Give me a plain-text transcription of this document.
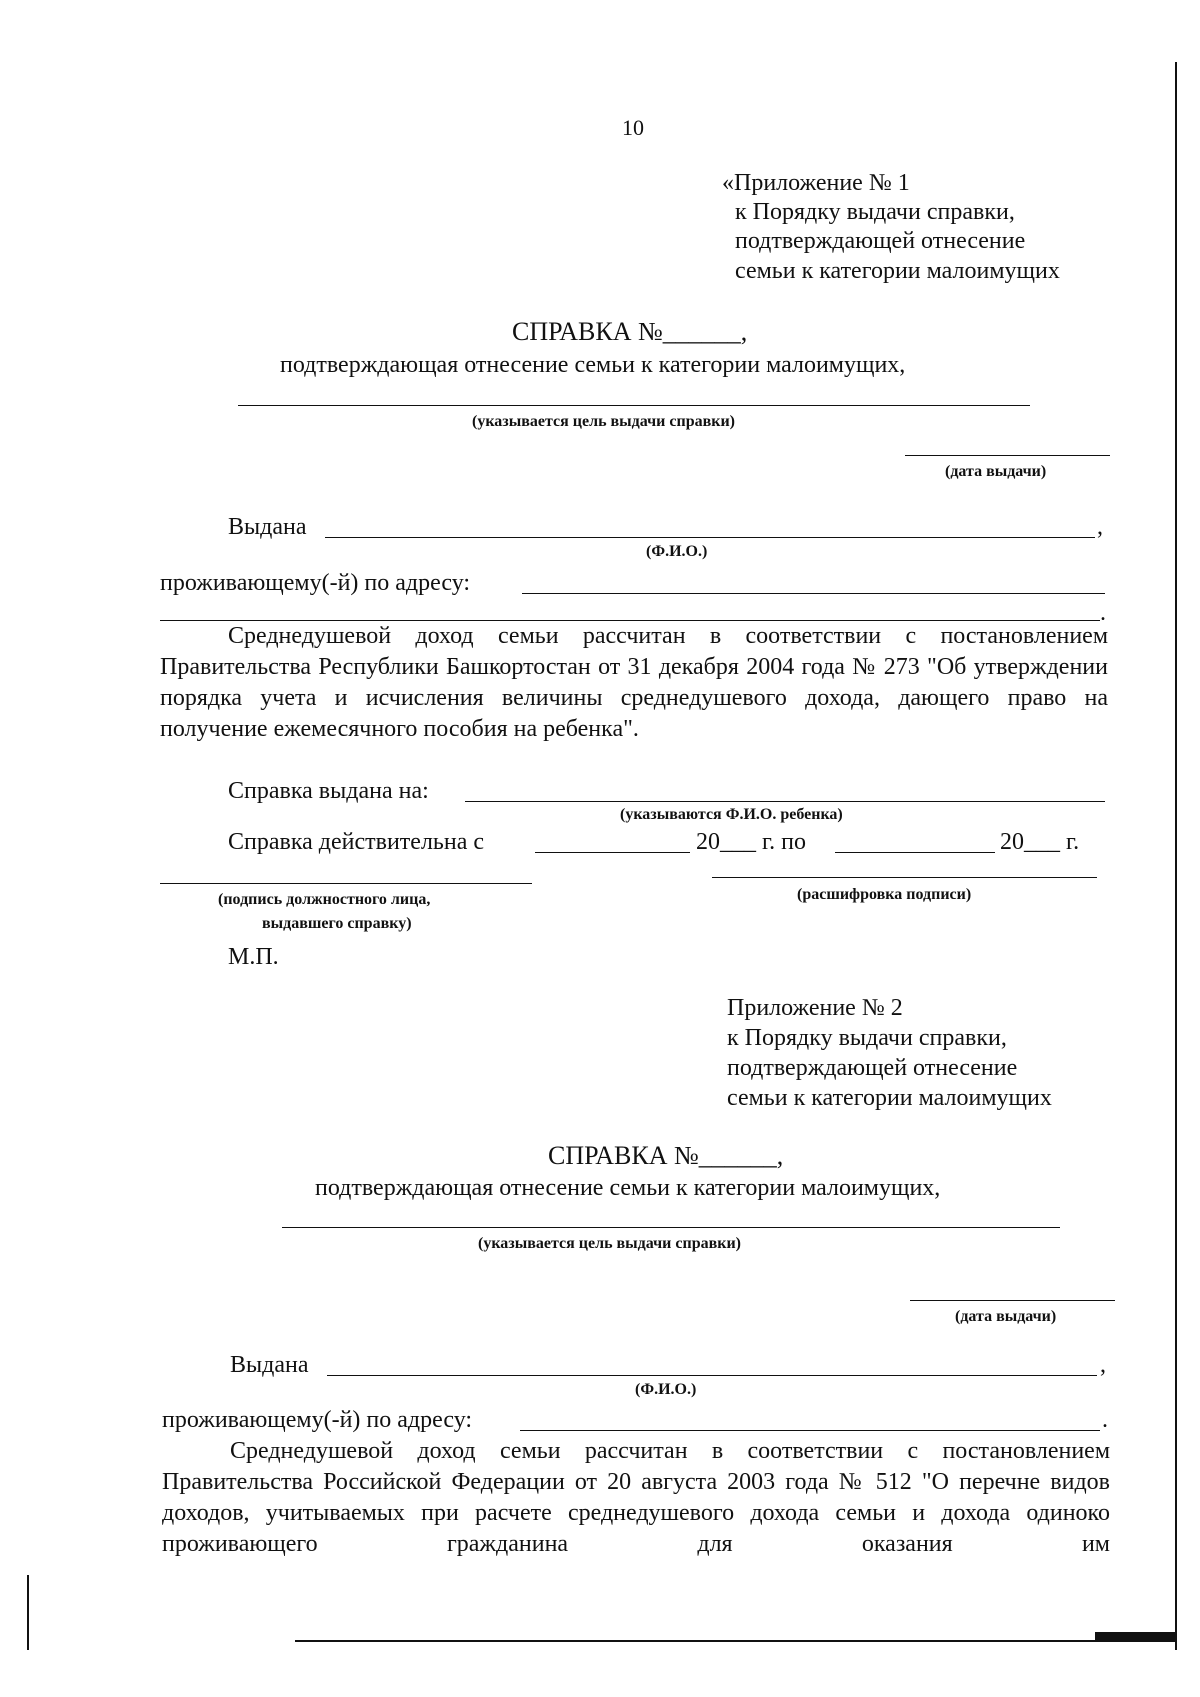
10
«Приложение № 1
к Порядку выдачи справки,
подтверждающей отнесение
семьи к категории малоимущих
СПРАВКА №______,
подтверждающая отнесение семьи к категории малоимущих,
(указывается цель выдачи справки)
(дата выдачи)
Выдана	,
(Ф.И.О.)
проживающему(-й) по адресу:
.
Среднедушевой доход семьи рассчитан в соответствии с постановлением Правительства Республики Башкортостан от 31 декабря 2004 года № 273 "Об утверждении порядка учета и исчисления величины среднедушевого дохода, дающего право на получение ежемесячного пособия на ребенка".
Справка выдана на:
(указываются Ф.И.О. ребенка)
Справка действительна с	20___ г. по	20___ г.
(подпись должностного лица,
выдавшего справку)
(расшифровка подписи)
М.П.
Приложение № 2
к Порядку выдачи справки,
подтверждающей отнесение
семьи к категории малоимущих
СПРАВКА №______,
подтверждающая отнесение семьи к категории малоимущих,
(указывается цель выдачи справки)
(дата выдачи)
Выдана	,
(Ф.И.О.)
проживающему(-й) по адресу:	.
Среднедушевой доход семьи рассчитан в соответствии с постановлением Правительства Российской Федерации от 20 августа 2003 года № 512 "О перечне видов доходов, учитываемых при расчете среднедушевого дохода семьи и дохода одиноко проживающего гражданина для оказания им
